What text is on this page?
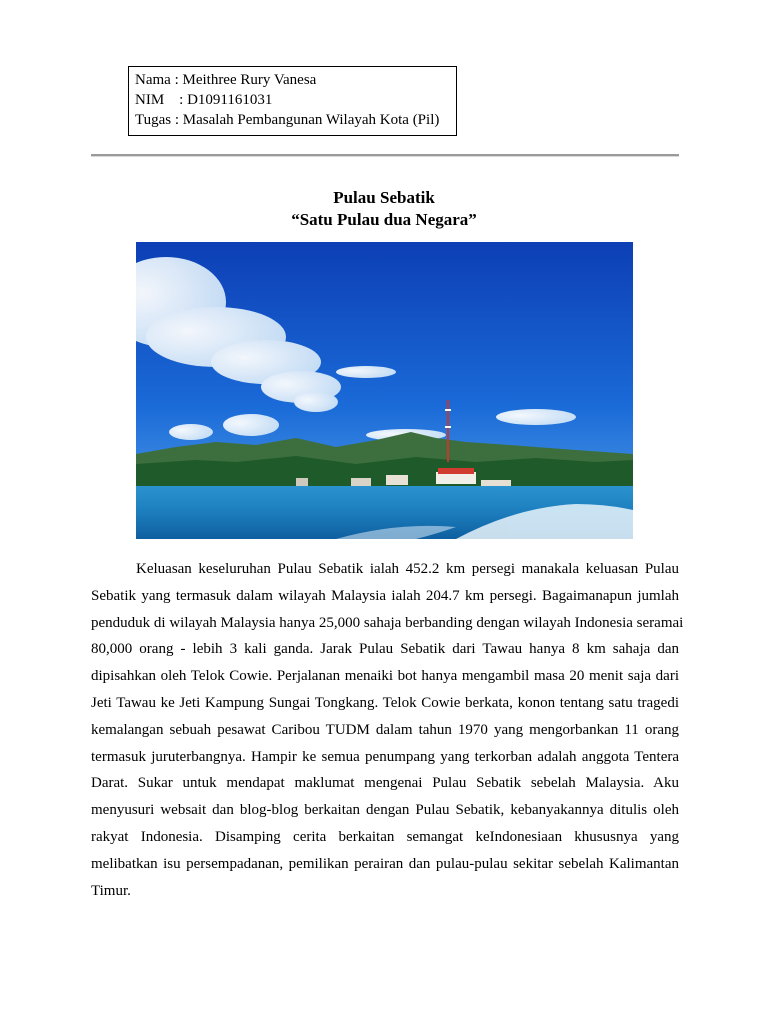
Nama : Meithree Rury Vanesa
NIM    : D1091161031
Tugas : Masalah Pembangunan Wilayah Kota (Pil)
Pulau Sebatik
“Satu Pulau dua Negara”
Keluasan keseluruhan Pulau Sebatik ialah 452.2 km persegi manakala keluasan Pulau
Sebatik yang termasuk dalam wilayah Malaysia ialah 204.7 km persegi. Bagaimanapun jumlah
penduduk di wilayah Malaysia hanya 25,000 sahaja berbanding dengan wilayah Indonesia seramai
80,000 orang - lebih 3 kali ganda. Jarak Pulau Sebatik dari Tawau hanya 8 km sahaja dan
dipisahkan oleh Telok Cowie. Perjalanan menaiki bot hanya mengambil masa 20 menit saja dari
Jeti Tawau ke Jeti Kampung Sungai Tongkang. Telok Cowie berkata, konon tentang satu tragedi
kemalangan sebuah pesawat Caribou TUDM dalam tahun 1970 yang mengorbankan 11 orang
termasuk juruterbangnya. Hampir ke semua penumpang yang terkorban adalah anggota Tentera
Darat. Sukar untuk mendapat maklumat mengenai Pulau Sebatik sebelah Malaysia. Aku
menyusuri websait dan blog-blog berkaitan dengan Pulau Sebatik, kebanyakannya ditulis oleh
rakyat Indonesia. Disamping cerita berkaitan semangat keIndonesiaan khususnya yang
melibatkan isu persempadanan, pemilikan perairan dan pulau-pulau sekitar sebelah Kalimantan
Timur.
